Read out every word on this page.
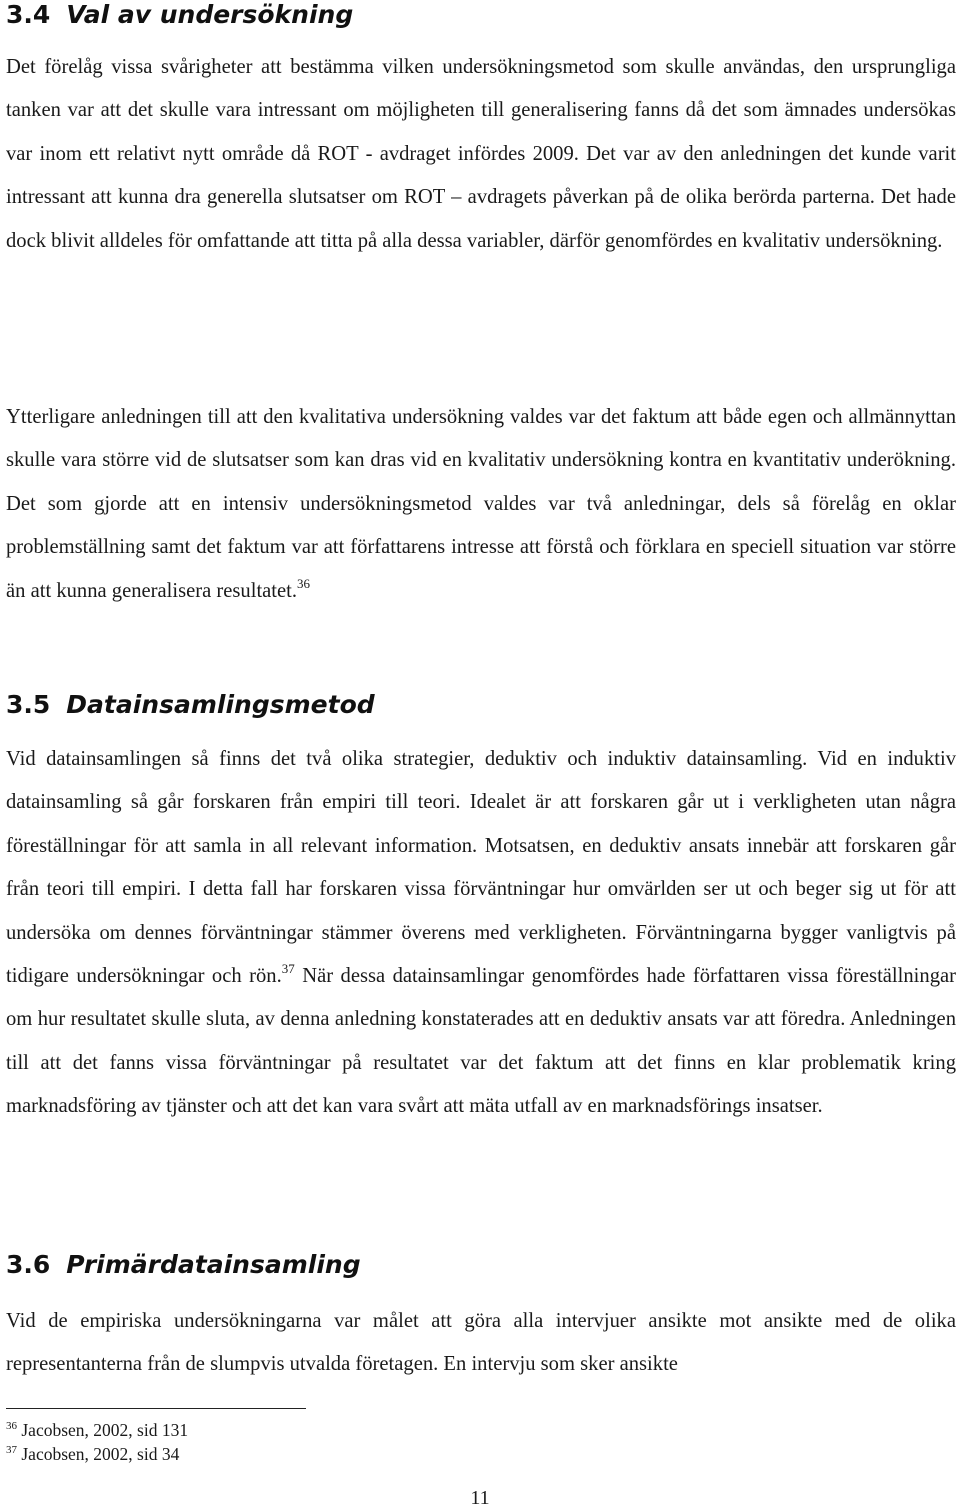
3.4 Val av undersökning

Det förelåg vissa svårigheter att bestämma vilken undersökningsmetod som skulle användas, den ursprungliga tanken var att det skulle vara intressant om möjligheten till generalisering fanns då det som ämnades undersökas var inom ett relativt nytt område då ROT - avdraget infördes 2009. Det var av den anledningen det kunde varit intressant att kunna dra generella slutsatser om ROT – avdragets påverkan på de olika berörda parterna. Det hade dock blivit alldeles för omfattande att titta på alla dessa variabler, därför genomfördes en kvalitativ undersökning.

Ytterligare anledningen till att den kvalitativa undersökning valdes var det faktum att både egen och allmännyttan skulle vara större vid de slutsatser som kan dras vid en kvalitativ undersökning kontra en kvantitativ underökning. Det som gjorde att en intensiv undersökningsmetod valdes var två anledningar, dels så förelåg en oklar problemställning samt det faktum var att författarens intresse att förstå och förklara en speciell situation var större än att kunna generalisera resultatet.$^{36}$

3.5 Datainsamlingsmetod

Vid datainsamlingen så finns det två olika strategier, deduktiv och induktiv datainsamling. Vid en induktiv datainsamling så går forskaren från empiri till teori. Idealet är att forskaren går ut i verkligheten utan några föreställningar för att samla in all relevant information. Motsatsen, en deduktiv ansats innebär att forskaren går från teori till empiri. I detta fall har forskaren vissa förväntningar hur omvärlden ser ut och beger sig ut för att undersöka om dennes förväntningar stämmer överens med verkligheten. Förväntningarna bygger vanligtvis på tidigare undersökningar och rön.$^{37}$ När dessa datainsamlingar genomfördes hade författaren vissa föreställningar om hur resultatet skulle sluta, av denna anledning konstaterades att en deduktiv ansats var att föredra. Anledningen till att det fanns vissa förväntningar på resultatet var det faktum att det finns en klar problematik kring marknadsföring av tjänster och att det kan vara svårt att mäta utfall av en marknadsförings insatser.

3.6 Primärdatainsamling

Vid de empiriska undersökningarna var målet att göra alla intervjuer ansikte mot ansikte med de olika representanterna från de slumpvis utvalda företagen. En intervju som sker ansikte

$^{36}$ Jacobsen, 2002, sid 131

$^{37}$ Jacobsen, 2002, sid 34

11
